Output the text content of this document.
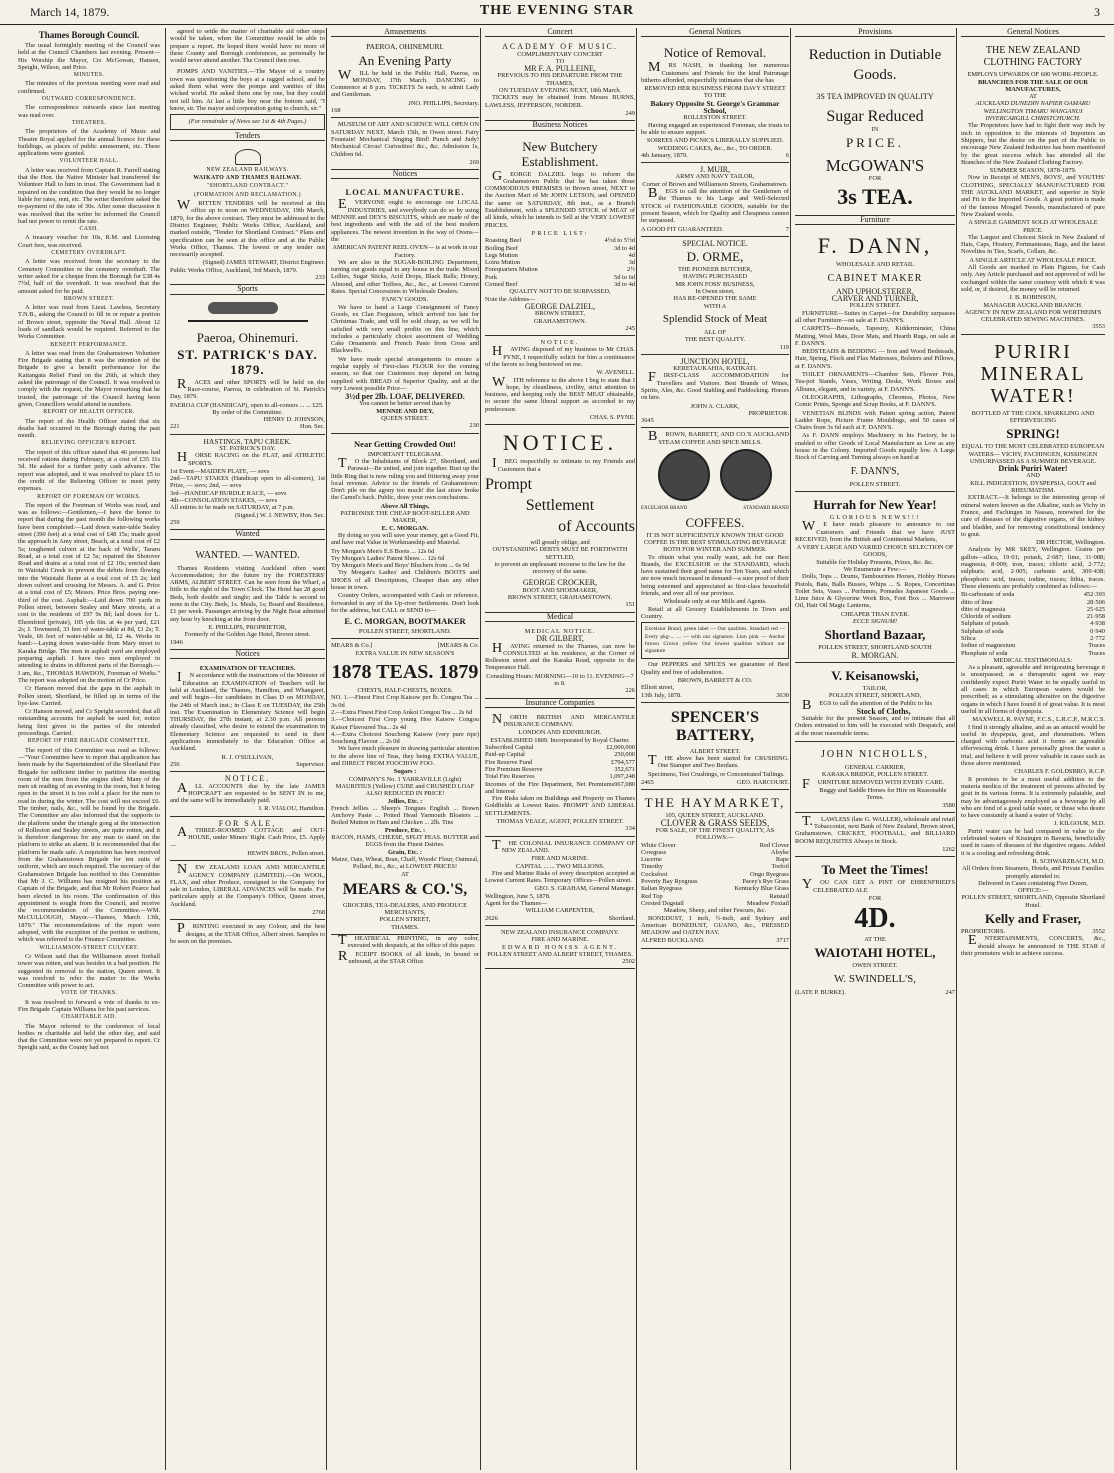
March 14, 1879.	THE EVENING STAR	3
Thames Borough Council.
The usual fortnightly meeting of the Council was held at the Council Chambers last evening. Present—His Worship the Mayor, Crs McGowan, Hansen, Speight, Wilson, and Price.
MINUTES.
The minutes of the previous meeting were read and confirmed.
OUTWARD CORRESPONDENCE.
The correspondence outwards since last meeting was read over.
THEATRES.
The proprietors of the Academy of Music and Theatre Royal applied for the annual licence for these buildings, as places of public amusement, etc. These applications were granted.
VOLUNTEER HALL.
A letter was received from Captain R. Farrell stating that the Hon. the Native Minister had transferred the Volunteer Hall to him in trust. The Government had it repaired on the condition that they would be no longer liable for rates, rent, etc. The writer therefore asked the re-payment of the rate of 30s. After some discussion it was resolved that the writer be informed the Council had not power to remit the rate.
CASH.
A treasury voucher for 10s, R.M. and Licensing Court fees, was received.
CEMETERY OVERDRAFT.
A letter was received from the secretary to the Cemetery Committee re the cemetery overdraft. The writer asked for a cheque from the Borough for £38 4s 7½d, half of the overdraft. It was resolved that the amount asked for be paid.
BROWN STREET.
A letter was read from Lieut. Lawless, Secretary T.N.B., asking the Council to fill in or repair a portion of Brown street, opposite the Naval Hall. About 12 loads of sandlack would be required. Referred to the Works Committee.
BENEFIT PERFORMANCE.
A letter was read from the Grahamstown Volunteer Fire Brigade stating that it was the intention of the Brigade to give a benefit performance for the Kaitangata Relief Fund on the 26th, at which they asked the patronage of the Council. It was resolved to comply with the request, the Mayor remarking that he trusted, the patronage of the Council having been given, Councillors would attend in numbers.
REPORT OF HEALTH OFFICER.
The report of the Health Officer stated that six deaths had occurred in the Borough during the past month.
RELIEVING OFFICER'S REPORT.
The report of this officer stated that 46 persons had received rations during February, at a cost of £35 11s 5d. He asked for a further petty cash advance. The report was adopted, and it was resolved to place £5 to the credit of the Relieving Officer to meet petty expenses.
REPORT OF FOREMAN OF WORKS.
The report of the Foreman of Works was read, and was as follows:—Gentlemen,—I have the honor to report that during the past month the following works have been completed:—Laid down water-table Sealey street (390 feet) at a total cost of £48 15s; made good the approach in Amy street, Beach, at a total cost of £2 5s; toughened culvert at the back of Wells', Tararu Road, at a total cost of £2 5s; repaired the Shotover Road and drains at a total cost of £2 10s; erected dam in Waiotahi Creek to prevent the debris from flowing into the Waiotahi flume at a total cost of £5 2s; laid down culvert and crossing for Messrs. A. and G. Price at a total cost of £5; Messrs. Price Bros. paying one-third of the cost. Asphalt:—Laid down 700 yards in Pollen street, between Sealey and Mary streets, at a cost to the residents of £97 9s 8d; laid down for L. Ehrenfried (private), 105 yds 6in. at 4s per yard, £21 2s; J. Townsend, 33 feet of water-table at 8d, £1 2s; T. Veale, 66 feet of water-table at 8d, £2 4s. Works in hand:—Laying down water-table from Mary street to Karaka Bridge. The men in asphalt yard are employed preparing asphalt. I have two men employed in attending to drains in different parts of the Borough.—I am, &c., THOMAS HAWDON, Foreman of Works." The report was adopted on the motion of Cr Price.
Cr Hanson moved that the gaps in the asphalt in Pollen street, Shortland, be filled up in terms of the bye-law. Carried.
Cr Hanson moved, and Cr Speight seconded, that all outstanding accounts for asphalt be sued for, notice being first given to the parties of the intended proceedings. Carried.
REPORT OF FIRE BRIGADE COMMITTEE.
The report of this Committee was read as follows:—"Your Committee have to report that application has been made by the Superintendent of the Shortland Fire Brigade for sufficient timber to partition the meeting room of the men from the engine shed. Many of the men sit reading of an evening in the room, but it being open to the street it is too cold a place for the men to read in during the winter. The cost will not exceed £6. The timber, nails, &c., will be found by the Brigade. The Committee are also informed that the supports to the platform under the triangle gong at the intersection of Rolleston and Sealey streets, are quite rotten, and it is therefore dangerous for any man to stand on the platform to strike an alarm. It is recommended that the platform be made safe. A requisition has been received from the Grahamstown Brigade for ten suits of uniform, which are much required. The secretary of the Grahamstown Brigade has notified to this Committee that Mr J. C. Williams has resigned his position as Captain of the Brigade, and that Mr Robert Pearce had been elected in his room. The confirmation of this appointment is sought from the Council, and receive the recommendation of the Committee.—WM. McCULLOUGH, Mayor.—Thames, March 13th, 1879." The recommendations of the report were adopted, with the exception of the portion re uniform, which was referred to the Finance Committee.
WILLIAMSON-STREET CULVERT.
Cr Wilson said that the Williamson street fireball tower was rotten, and was besides in a bad position. He suggested its removal to the station, Queen street. It was resolved to refer the matter to the Works Committee with power to act.
VOTE OF THANKS.
It was resolved to forward a vote of thanks to ex-Fire Brigade Captain Williams for his past services.
CHARITABLE AID.
The Mayor referred to the conference of local bodies re charitable aid held the other day, and said that the Committee were not yet prepared to report. Cr Speight said, as the County had not
agreed to settle the matter of charitable aid other steps would be taken, when the Committee would be able to prepare a report. He hoped there would have no more of these County and Borough conferences, as personally he would never attend another. The Council then rose.
POMPS AND VANITIES.—The Mayor of a country town was questioning the boys at a ragged school, and he asked them what were the pomps and vanities of this wicked world. He asked them one by one, but they could not tell him. At last a little boy near the bottom said, "I know, sir. The mayor and corporation going to church, sir."
(For remainder of News see 1st & 4th Pages.)
Tenders
NEW ZEALAND RAILWAYS.
WAIKATO AND THAMES RAILWAY.
"SHORTLAND CONTRACT."
(FORMATION AND RECLAMATION.)
WRITTEN TENDERS will be received at this office up to noon on WEDNESDAY, 19th March, 1879, for the above contract. They must be addressed to the District Engineer, Public Works Office, Auckland, and marked outside, "Tender for Shortland Contract." Plans and specification can be seen at this office and at the Public Works Office, Thames. The lowest or any tender not necessarily accepted.
(Signed) JAMES STEWART, District Engineer.
Public Works Office, Auckland, 3rd March, 1879.
233
Sports
Paeroa, Ohinemuri.
ST. PATRICK'S DAY. 1879.
RACES and other SPORTS will be held on the Race-course, Paeroa, in celebration of St. Patrick's Day, 1879.
PAEROA CUP (HANDICAP), open to all-comers ... ... £25.
By order of the Committee.
HENRY D. JOHNSON,
221	Hon. Sec.
HASTINGS, TAPU CREEK.
ST. PATRICK'S DAY.
HORSE RACING on the FLAT, and ATHLETIC SPORTS.
1st Event—MAIDEN PLATE, — sovs
2nd—TAPU STAKES (Handicap open to all-comers), 1st Prize, — sovs; 2nd, — sovs
3rd—HANDICAP HURDLE RACE, — sovs
4th—CONSOLATION STAKES, — sovs
All entries to be made on SATURDAY, at 7 p.m.
(Signed.) W. J. NEWBY, Hon. Sec.
259
Wanted
WANTED. — WANTED.
Thames Residents visiting Auckland often want Accommodation; for the future try the FORESTERS' ARMS, ALBERT STREET. Can be seen from the Wharf, a little to the right of the Town Clock. The Hotel has 28 good Beds, both double and single; and the Table is second to none in the City. Beds, 1s. Meals, 1s; Board and Residence, £1 per week. Passenger arriving by the Night Boat admitted any hour by knocking at the front door.
E. PHILLIPS, PROPRIETOR,
Formerly of the Golden Age Hotel, Brown street.
1946
Notices
EXAMINATION OF TEACHERS.
IN accordance with the instructions of the Minister of Education an EXAMINATION of Teachers will be held at Auckland, the Thames, Hamilton, and Whangarei, and will begin—for candidates in Class D on MONDAY, the 24th of March inst.; in Class E on TUESDAY, the 25th inst. The Examination in Elementary Science will begin THURSDAY, the 27th instant, at 2.30 p.m. All persons already classified, who desire to extend the examination in Elementary Science are requested to send in their applications immediately to the Education Office at Auckland.
R. J. O'SULLIVAN,
256	Supervisor.
NOTICE.
ALL ACCOUNTS due by the late JAMES HOPCRAFT are requested to be SENT IN to me, and the same will be immediately paid.
I. R. VIALOU, Hamilton.
FOR SALE,
ATHREE-ROOMED COTTAGE and OUT-HOUSE, under Miners' Right. Cash Price, £5. Apply—
HEWIN BROS., Pollen street.
NEW ZEALAND LOAN AND MERCANTILE AGENCY COMPANY (LIMITED).—On WOOL, FLAX, and other Produce, consigned to the Company for sale in London, LIBERAL ADVANCES will be made. For particulars apply at the Company's Office, Queen street, Auckland.
2768
PRINTING executed in any Colour, and the best designs, at the STAR Office, Albert street. Samples to be seen on the premises.
Amusements
PAEROA, OHINEMURI.
An Evening Party
WILL be held in the Public Hall, Paeroa, on MONDAY, 17th March. DANCING to Commence at 8 p.m. TICKETS 5s each, to admit Lady and Gentleman.
JNO. PHILLIPS, Secretary.
168
MUSEUM OF ART AND SCIENCE WILL OPEN ON SATURDAY NEXT, March 15th, in Owen street. Fairy Fountain! Mechanical Singing Bird! Punch and Judy! Mechanical Circus! Curiosities! &c., &c. Admission 1s, Children 6d.
269
Notices
LOCAL MANUFACTURE.
EVERYONE ought to encourage our LOCAL INDUSTRIES, and everybody can do so by using MENNIE and DEY'S BISCUITS, which are made of the best ingredients and with the aid of the best modern appliances. The newest invention in the way of Ovens—the
AMERICAN PATENT REEL OVEN— is at work in our Factory.
We are also in the SUGAR-BOILING Department, turning out goods equal to any house in the trade. Mixed Lollies, Sugar Sticks, Acid Drops, Black Balls; Honey, Almond, and other Toffees, &c., &c., at Lowest Current Rates. Special Concessions to Wholesale Dealers.
FANCY GOODS.
We have to hand a Large Consignment of Fancy Goods, ex Clan Fergusson, which arrived too late for Christmas Trade, and will be sold cheap, as we will be satisfied with very small profits on this line, which includes a particularly choice assortment of Wedding Cake Ornaments and French Paste from Cross and Blackwell's.
We have made special arrangements to ensure a regular supply of First-class FLOUR for the coming season, so that our Customers may depend on being supplied with BREAD of Superior Quality, and at the very Lowest possible Price—
3½d per 2lb. LOAF, DELIVERED.
You cannot be better served than by
MENNIE AND DEY,
QUEEN STREET.
230
Near Getting Crowded Out!
IMPORTANT TELEGRAM.
TO the Inhabitants of Block 27, Shortland, and Parawai—Be united, and join together. Bust up the little Ring that is now ruling you and frittering away your local revenue. Advice to the friends of Grahamstown: Don't pile on the agony too much! the last straw broke the Camel's back. Public, draw your own conclusions.
Above All Things,
PATRONISE THE CHEAP BOOT-SELLER AND MAKER,
E. C. MORGAN.
By doing so you will save your money, get a Good Fit, and have real Value in Workmanship and Material.
Try Morgan's Men's E.S Boots ... 12s 6d
Try Morgan's Ladies' Patent Shoes ... 12s 6d
Try Morgan's Men's and Boys' Bluchers from ... 6s 9d
Try Morgan's Ladies' and Children's BOOTS and SHOES of all Descriptions, Cheaper than any other house in town.
Country Orders, accompanied with Cash or reference, forwarded to any of the Up-river Settlements. Don't look for the address, but CALL or SEND to—
E. C. MORGAN, BOOTMAKER
POLLEN STREET, SHORTLAND.
MEARS & Co.]	[MEARS & Co.
EXTRA VALUE IN NEW SEASON'S
1878 TEAS. 1879
CHESTS, HALF-CHESTS, BOXES.
NO. 1.—Finest First Crop Kaisow per lb. Congou Tea ... 3s 0d
2.—Extra Finest First Crop Ankoi Congou Tea ... 2s 6d
3.—Choicest First Crop young Hoo Kaisow Congou Kaisor Flavoured Tea... 2s 4d
4.—Extra Choicest Souchong Kaisow (very pure ripe) Souchong Flavour ... 2s 0d
We have much pleasure in drawing particular attention to the above line of Teas, they being EXTRA VALUE, and DIRECT FROM FOOCHOW FOO.
Sugars :
COMPANY'S No. 1 YARRAVILLE (Light) MAURITIUS (Yellow) CUBE and CRUSHED LOAF
ALSO REDUCED IN PRICE!
Jellies, Etc. :
French Jellies ... Sheep's Tongues English ... Brawn Anchovy Paste ... Potted Head Yarmouth Bloaters ... Boiled Mutton in Ham and Chicken ... 2lb. Tins
Produce, Etc. :
BACON, HAMS, CHEESE, SPLIT PEAS. BUTTER and EGGS from the Finest Dairies.
Grain, Etc. :
Maize, Oats, Wheat, Bran, Chaff, Woods' Flour, Oatmeal, Pollard, &c., &c., at LOWEST PRICES!
AT
MEARS & CO.'S,
GROCERS, TEA-DEALERS, AND PRODUCE MERCHANTS,
POLLEN STREET,
THAMES.
THEATRICAL PRINTING, in any color, executed with despatch, at the office of this paper.
RECEIPT BOOKS of all kinds, in bound or unbound, at the STAR Office.
Concert
ACADEMY OF MUSIC.
COMPLIMENTARY CONCERT
TO
MR F. A. PULLEINE,
PREVIOUS TO HIS DEPARTURE FROM THE THAMES,
ON TUESDAY EVENING NEXT, 18th March.
TICKETS may be obtained from Messrs BURNS, LAWLESS, JEFFERSON, NORDER.
249
Business Notices
New Butchery Establishment.
GEORGE DALZIEL begs to inform the Grahamstown Public that he has taken those COMMODIOUS PREMISES in Brown street, NEXT to the Auction Mart of Mr JOHN LETSON, and OPENED the same on SATURDAY, 8th inst., as a Branch Establishment, with a SPLENDID STOCK of MEAT of all kinds, which he intends to Sell at the VERY LOWEST PRICES.
PRICE LIST:
Roasting Beef	4½d to 5½d
Boiling Beef	3d to 4d
Legs Mutton	4d
Loins Mutton	3d
Forequarters Mutton	2½
Pork	5d to 6d
Corned Beef	3d to 4d
QUALITY NOT TO BE SURPASSED,
Note the Address—
GEORGE DALZIEL,
BROWN STREET,
GRAHAMSTOWN.
245
NOTICE.
HAVING disposed of my business to Mr CHAS. PYNE, I respectfully solicit for him a continuance of the favors so long bestowed on me.
W. AVENELL.
WITH reference to the above I beg to state that I hope, by cleanliness, civility, strict attention to business, and keeping only the BEST MEAT obtainable, to secure the same liberal support as accorded to my predecessor.
CHAS. S. PYNE.
NOTICE.
IBEG respectfully to intimate to my Friends and Customers that a
Prompt
Settlement
of Accounts
will greatly oblige, and
OUTSTANDING DEBTS MUST BE FORTHWITH SETTLED,
to prevent an unpleasant recourse to the law for the recovery of the same.
GEORGE CROCKER,
BOOT AND SHOEMAKER,
BROWN STREET, GRAHAMSTOWN.
151
Medical
MEDICAL NOTICE.
DR GILBERT,
HAVING returned to the Thames, can now be CONSULTED at his residence, at the Corner of Rolleston street and the Karaka Road, opposite to the Temperance Hall.
Consulting Hours: MORNING—10 to 11. EVENING—7 to 8.
226
Insurance Companies
NORTH BRITISH AND MERCANTILE INSURANCE COMPANY.
LONDON AND EDINBURGH.
ESTABLISHED 1809. Incorporated by Royal Charter.
Subscribed Capital	£2,000,000
Paid-up Capital	250,000
Fire Reserve Fund	£794,577
Fire Premium Reserve	352,671
Total Fire Reserves	1,097,248
Incomes of the Fire Department, Net Premiums and Interest
967,080
Fire Risks taken on Buildings and Property on Thames Goldfields at Lowest Rates. PROMPT AND LIBERAL SETTLEMENTS.
THOMAS VEALE, AGENT, POLLEN STREET.
334
THE COLONIAL INSURANCE COMPANY OF NEW ZEALAND.
FIRE AND MARINE.
CAPITAL ... ... TWO MILLIONS.
Fire and Marine Risks of every description accepted at Lowest Current Rates. Temporary Offices—Pollen street.
GEO. S. GRAHAM, General Manager.
Wellington, June 5, 1878.
Agent for the Thames—
WILLIAM CARPENTER,
2626	Shortland.
NEW ZEALAND INSURANCE COMPANY.
FIRE AND MARINE.
EDWARD HONISS AGENT.
POLLEN STREET AND ALBERT STREET, THAMES.
2502
General Notices
Notice of Removal.
MRS NASH, in thanking her numerous Customers and Friends for the kind Patronage hitherto afforded, respectfully intimates that she has
REMOVED HER BUSINESS FROM DAVY STREET
TO THE
Bakery Opposite St. George's Grammar School,
ROLLESTON STREET.
Having engaged an experienced Foreman, she trusts to be able to ensure support.
SOIREES AND PICNICS LIBERALLY SUPPLIED.
WEDDING CAKES, &c., &c., TO ORDER.
4th January, 1879.	6
J. MUIR,
ARMY AND NAVY TAILOR,
Corner of Brown and Williamson Streets, Grahamstown.
BEGS to call the attention of the Gentlemen of the Thames to his Large and Well-Selected STOCK of FASHIONABLE GOODS, suitable for the present Season, which for Quality and Cheapness cannot be surpassed.
A GOOD FIT GUARANTEED.	7
SPECIAL NOTICE.
D. ORME,
THE PIONEER BUTCHER,
HAVING PURCHASED
MR JOHN FOSS' BUSINESS,
In Owen street,
HAS RE-OPENED THE SAME
WITH A
Splendid Stock of Meat
ALL OF
THE BEST QUALITY.
119
JUNCTION HOTEL,
KERETAUKAHIA, KATIKATI.
FIRST-CLASS ACCOMMODATION for Travellers and Visitors. Best Brands of Wines, Spirits, Ales, &c. Good Stabling and Paddocking. Horses on hire.
JOHN A. CLARK,
PROPRIETOR.
3645
BROWN, BARRETT, AND CO.'S AUCKLAND STEAM COFFEE AND SPICE MILLS.

EXCELSIOR BRAND	STANDARD BRAND
COFFEES.
IT IS NOT SUFFICIENTLY KNOWN THAT GOOD COFFEE IS THE BEST STIMULATING BEVERAGE BOTH FOR WINTER AND SUMMER.
To obtain what you really want, ask for our Best Brands, the EXCELSIOR or the STANDARD, which have sustained their good name for Ten Years, and which are now much increased in demand—a sure proof of their being esteemed and appreciated as first-class household friends, and over all of our province.
Wholesale only at our Mills and Agents.
Retail at all Grocery Establishments in Town and Country.
Excelsior Brand, green label — Our qualities. Standard red — Every pkg-... ... — with our signature. Lion pink — Anchor brown Crown yellow Our lowest qualities without our signature
Our PEPPERS and SPICES we guarantee of Best Quality and free of adulteration.
BROWN, BARRETT & CO.
Elliott street,
13th July, 1878.	3630
SPENCER'S BATTERY,
ALBERT STREET.
THE above has been started for CRUSHING. One Stamper and Two Berdans.
Specimens, Test Crushings, or Concentrated Tailings.
2465	GEO. HARCOURT.
THE HAYMARKET,
105, QUEEN STREET, AUCKLAND.
CLOVER & GRASS SEEDS,
FOR SALE, OF THE FINEST QUALITY, AS FOLLOWS:—
White Clover	Red Clover
Cowgrass	Alsyke
Lucerne	Rape
Timothy	Trefoil
Cocksfoot	Ongo Ryegrass
Poverty Bay Ryegrass	Pacey's Rye Grass
Italian Ryegrass	Kentucky Blue Grass
Red Top	Ratstail
Crested Dogstail	Meadow Foxtail
Meadow, Sheep, and other Fescues, &c.
BONEDUST, 1 inch, ½-inch, and Sydney and American BONEDUST, GUANO, &c., PRESSED MEADOW and OATEN HAY.
ALFRED BUCKLAND.	3717
Provisions
Reduction in Dutiable Goods.
3S TEA IMPROVED IN QUALITY
Sugar Reduced
IN
PRICE.
McGOWAN'S
FOR
3s TEA.
Furniture
F. DANN,
WHOLESALE AND RETAIL
CABINET MAKER
AND UPHOLSTERER,
CARVER AND TURNER,
POLLEN STREET.
FURNITURE—Suites in Carpet—for Durability surpasses all other Furniture—on sale at F. DANN'S.
CARPETS—Brussels, Tapestry, Kidderminster, China Matting, Wool Mats, Door Mats, and Hearth Rugs, on sale at F. DANN'S.
BEDSTEADS & BEDDING — Iron and Wood Bedsteads, Hair, Spring, Flock and Flax Mattresses, Bolsters and Pillows, at F. DANN'S.
TOILET ORNAMENTS—Chamber Sets, Flower Pots, Tea-pot Stands, Vases, Writing Desks, Work Boxes and Albums, elegant, and in variety, at F. DANN'S.
OLEOGRAPHS, Lithographs, Chromos, Photos, New Comic Prints, Sponge and Scrap Books, at F. DANN'S.
VENETIAN BLINDS with Patent spring action, Patent Ladder Rope, Picture Frame Mouldings, and 50 cases of Chairs from 3s 6d each at F. DANN'S.
As F. DANN employs Machinery in his Factory, he is enabled to offer Goods of Local Manufacture as Low as any house in the Colony. Imported Goods equally low. A Large Stock of Carving and Turning always on hand at
F. DANN'S,
POLLEN STREET.
Hurrah for New Year!
GLORIOUS NEWS!!!
WE have much pleasure to announce to our Customers and Friends that we have JUST RECEIVED, from the British and Continental Markets,
A VERY LARGE AND VARIED CHOICE SELECTION OF GOODS,
Suitable for Holiday Presents, Prizes, &c. &c.
We Enumerate a Few:—
Dolls, Tops ... Drums, Tambourines Horses, Hobby Horses Pistols, Bats, Balls Busses, Whips ... S. Ropes, Concertinas Toilet Sets, Vases ... Perfumes, Pomades Japanese Goods ... Lime Juice & Glycerine Work Box, Foot Box ... Marrower Oil, Hair Oil Magic Lanterns,
CHEAPER THAN EVER.
ECCE SIGNUM!
Shortland Bazaar,
POLLEN STREET, SHORTLAND SOUTH
R. MORGAN.
V. Keisanowski,
TAILOR,
POLLEN STREET, SHORTLAND,
BEGS to call the attention of the Public to his
Stock of Cloths,
Suitable for the present Season, and to intimate that all Orders entrusted to him will be executed with Despatch, and at the most reasonable terms.
JOHN NICHOLLS,
GENERAL CARRIER,
KARAKA BRIDGE, POLLEN STREET.
FURNITURE REMOVED WITH EVERY CARE.
Buggy and Saddle Horses for Hire on Reasonable Terms.
3580
T.LAWLESS (late G. WALLER), wholesale and retail Tobacconist, next Bank of New Zealand, Brown street, Grahamstown. CRICKET, FOOTBALL, and BILLIARD ROOM REQUISITES Always in Stock.
1262
To Meet the Times!
YOU CAN GET A PINT OF EHRENFRIED'S CELEBRATED ALE
FOR
4D.
AT THE
WAIOTAHI HOTEL,
OWEN STREET.
W. SWINDELL'S,
(LATE P. BURKE).	247
General Notices
THE NEW ZEALAND CLOTHING FACTORY
EMPLOYS UPWARDS OF 600 WORK-PEOPLE.
BRANCHES FOR THE SALE OF OUR MANUFACTURES,
AT
AUCKLAND DUNEDIN NAPIER OAMARU WELLINGTON TIMARU WANGANUI INVERCARGILL CHRISTCHURCH.
The Proprietors have had to fight their way inch by inch in opposition to the interests of Importers an Shippers, but the desire on the part of the Public to encourage New Zealand Industries has been manifested by the great success which has attended all the Branches of the New Zealand Clothing Factory.
SUMMER SEASON, 1878-1879.
Now in Receipt of MEN'S, BOYS', and YOUTHS' CLOTHING, SPECIALLY MANUFACTURED FOR THE AUCKLAND MARKET, and superior in Style and Fit to the Imported Goods. A great portion is made of the famous Mosgiel Tweeds, manufactured of pure New Zealand wools.
A SINGLE GARMENT SOLD AT WHOLESALE PRICE.
The Largest and Choicest Stock in New Zealand of Hats, Caps, Hosiery, Portmanteaus, Bags, and the latest Novelties in Ties, Scarfs, Collars, &c.
A SINGLE ARTICLE AT WHOLESALE PRICE.
All Goods are marked in Plain Figures, for Cash only. Any Article purchased and not approved of will be exchanged within the same courtesy with which it was sold, or, if desired, the money will be returned.
J. B. ROBINSON,
MANAGER AUCKLAND BRANCH.
AGENCY IN NEW ZEALAND FOR WERTHEIM'S CELEBRATED SEWING MACHINES.
3553
PURIRI MINERAL WATER!
BOTTLED AT THE COOL SPARKLING AND EFFERVESCING
SPRING!
EQUAL TO THE MOST CELEBRATED EUROPEAN WATERS— VICHY, FACHINGEN, KISSINGEN
UNSURPASSED AS A SUMMER BEVERAGE.
Drink Puriri Water!
AND
KILL INDIGESTION, DYSPEPSIA, GOUT and RHEUMATISM.
EXTRACT.—It belongs to the interesting group of mineral waters known as the Alkaline, such as Vichy in France, and Fachingen in Nassau, renowned for the cure of diseases of the digestive organs, of the kidney and bladder, and for removing constitutional tendency to gout.
DR HECTOR, Wellington.
Analysis by MR SKEY, Wellington. Grains per gallon—silica, 19·01; potash, 2·687; lime, 11·088; magnesia, 8·009; iron, traces; chloric acid, 2·772; sulphuric acid, 2·005; carbonic acid, 309·438; phosphoric acid, traces; iodine, traces; lithia, traces. These elements are probably combined as follows:—
Bi-carbonate of soda	452·393
ditto of lime	28·506
ditto of magnesia	25·625
Chloride of sodium	21·958
Sulphate of potash	4·938
Sulphate of soda	0·940
Silica	2·772
Iodine of magnesium	Traces
Phosphate of soda	Traces
MEDICAL TESTIMONIALS:
As a pleasant, agreeable and invigorating beverage it is unsurpassed; as a therapeutic agent we may confidently expect Puriri Water to be equally useful in all cases in which European waters would be prescribed; as a stimulating alterative on the digestive organs in which I have found it of great value. It is most useful in all forms of dyspepsia.
MAXWELL R. PAYNE, F.C.S., L.R.C.P., M.R.C.S.
I find it strongly alkaline, and as an antacid would be useful in dyspepsia, gout, and rheumatism. When charged with carbonic acid it forms an agreeable effervescing drink. I have personally given the water a trial, and believe it will prove valuable in cases such as those above mentioned.
CHARLES F. GOLDSBRO, R.C.P.
It promises to be a most useful addition to the materia medica of the treatment of persons affected by gout in its various forms. It is extremely palatable, and may be advantageously employed as a beverage by all who are fond of a good table water, or those who desire to have constantly at hand a water of Vichy.
J. KILGOUR, M.D.
Puriri water can be had compared in value to the celebrated waters of Kissingen in Bavaria, beneficially used in cases of diseases of the digestive organs. Added it is a cooling and refreshing drink.
R. SCHWARZBACH, M.D.
All Orders from Steamers, Hotels, and Private Families promptly attended to.
Delivered in Cases containing Five Dozen,
OFFICE:—
POLLEN STREET, SHORTLAND, Opposite Shortland Hotel.
Kelly and Fraser,
PROPRIETORS.	3552
ENTERTAINMENTS, CONCERTS, &c., should always be announced in THE STAR if their promoters wish to achieve success.
